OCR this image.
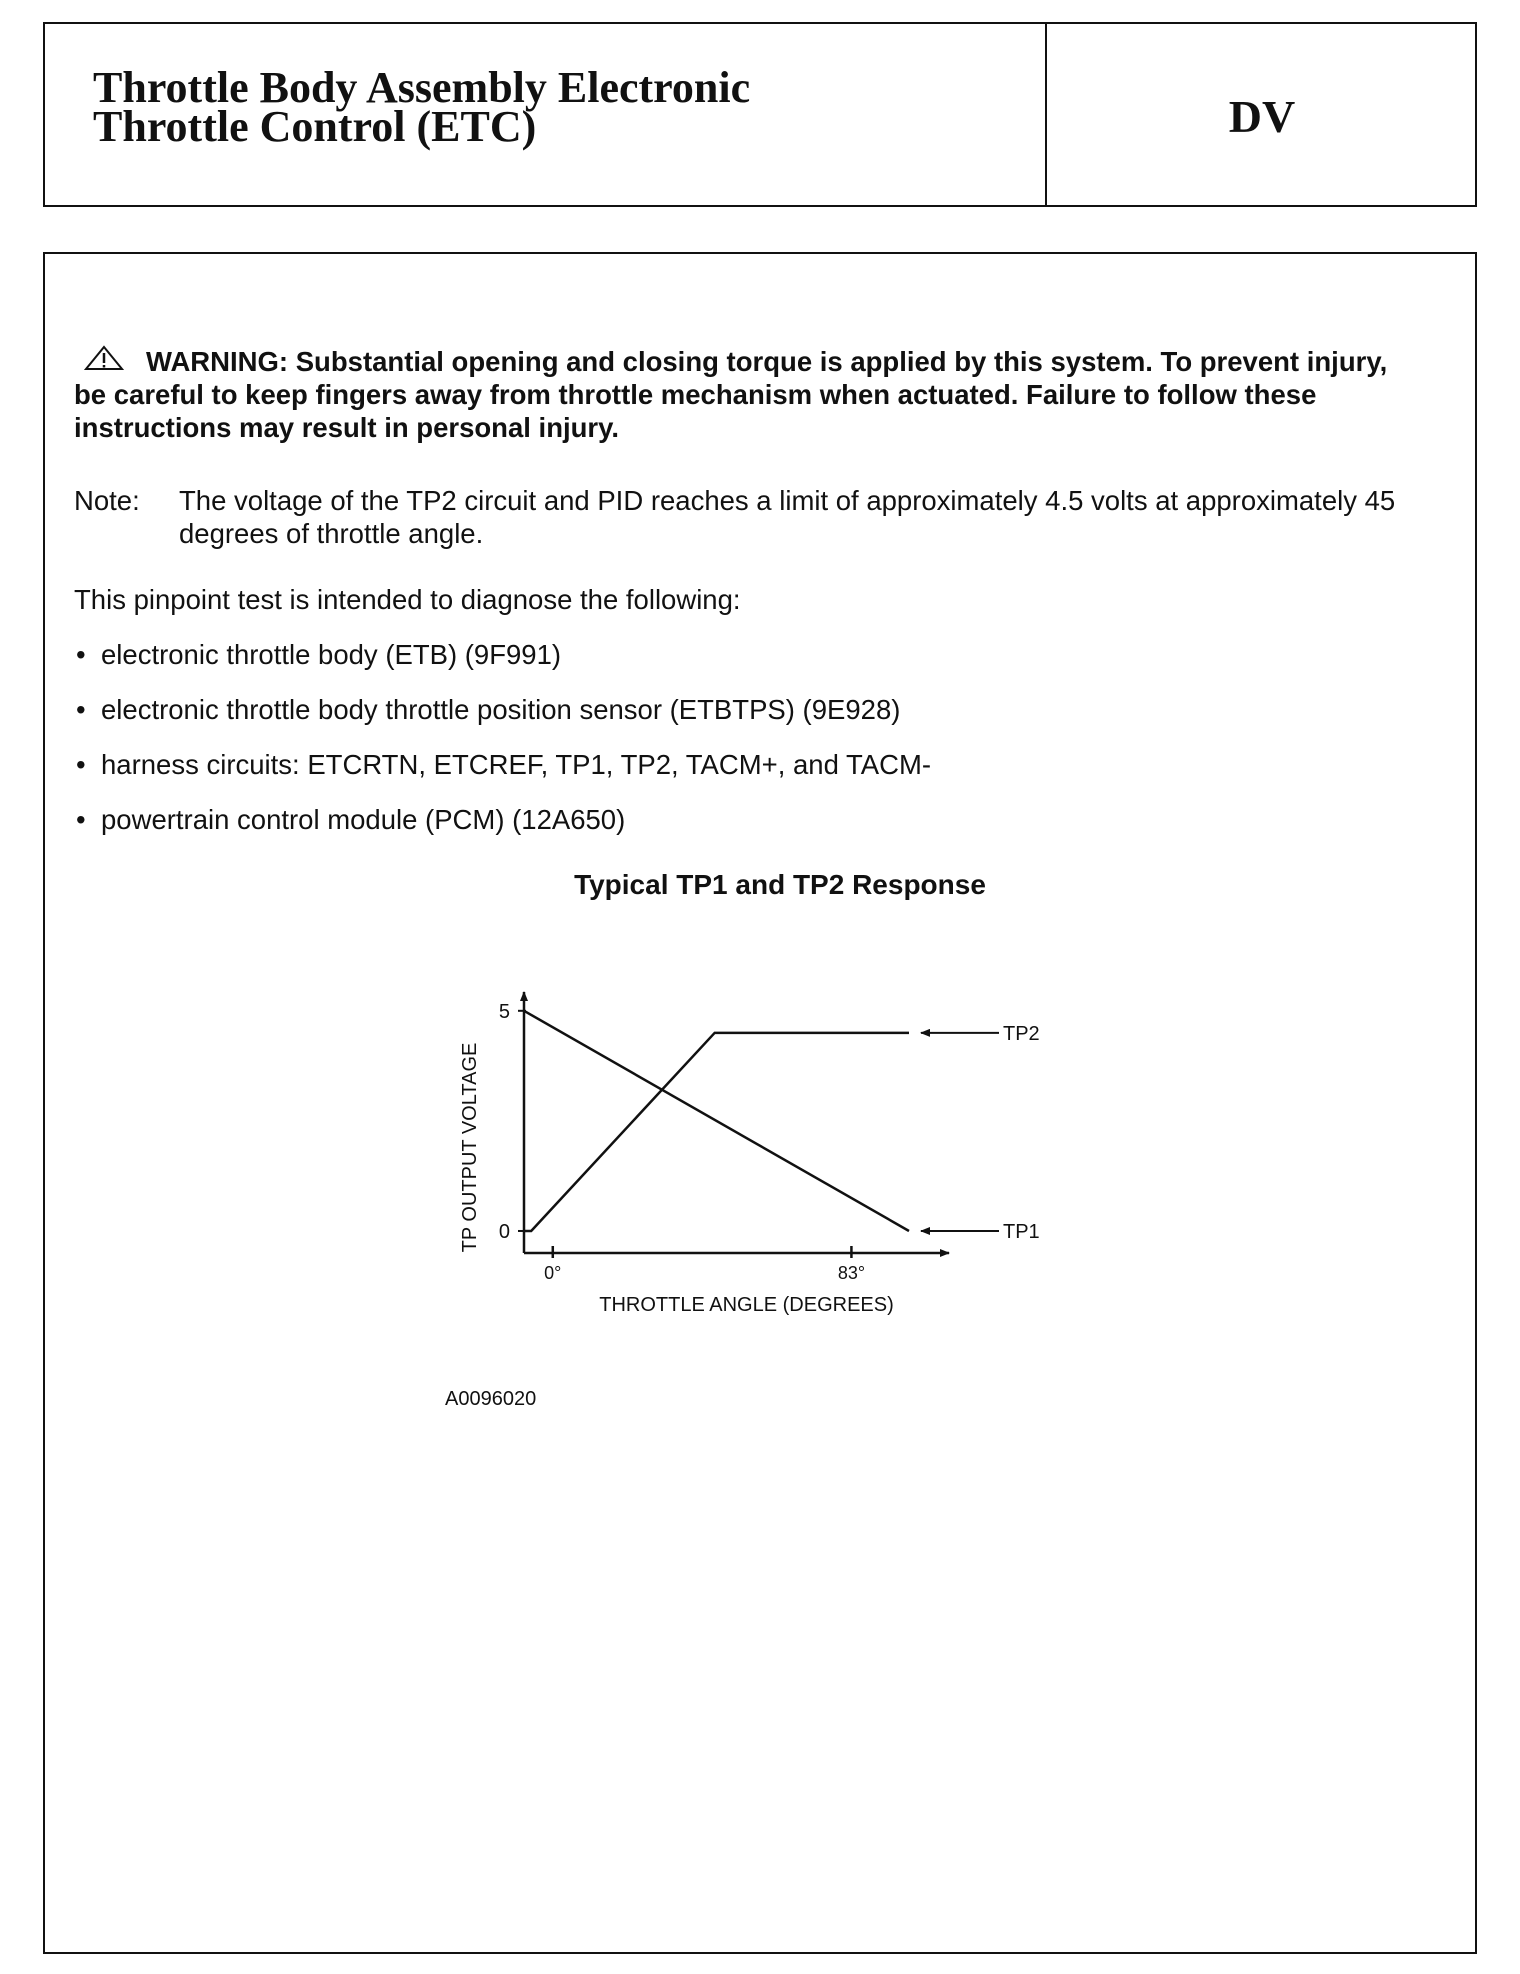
Throttle Body Assembly Electronic
Throttle Control (ETC)	DV

WARNING: Substantial opening and closing torque is applied by this system. To prevent injury, be careful to keep fingers away from throttle mechanism when actuated. Failure to follow these instructions may result in personal injury.

Note: The voltage of the TP2 circuit and PID reaches a limit of approximately 4.5 volts at approximately 45 degrees of throttle angle.

This pinpoint test is intended to diagnose the following:

• electronic throttle body (ETB) (9F991)
• electronic throttle body throttle position sensor (ETBTPS) (9E928)
• harness circuits: ETCRTN, ETCREF, TP1, TP2, TACM+, and TACM-
• powertrain control module (PCM) (12A650)
Typical TP1 and TP2 Response
0
5
0°	83°
TP1
TP2
TP OUTPUT VOLTAGE
THROTTLE ANGLE (DEGREES)
A0096020
